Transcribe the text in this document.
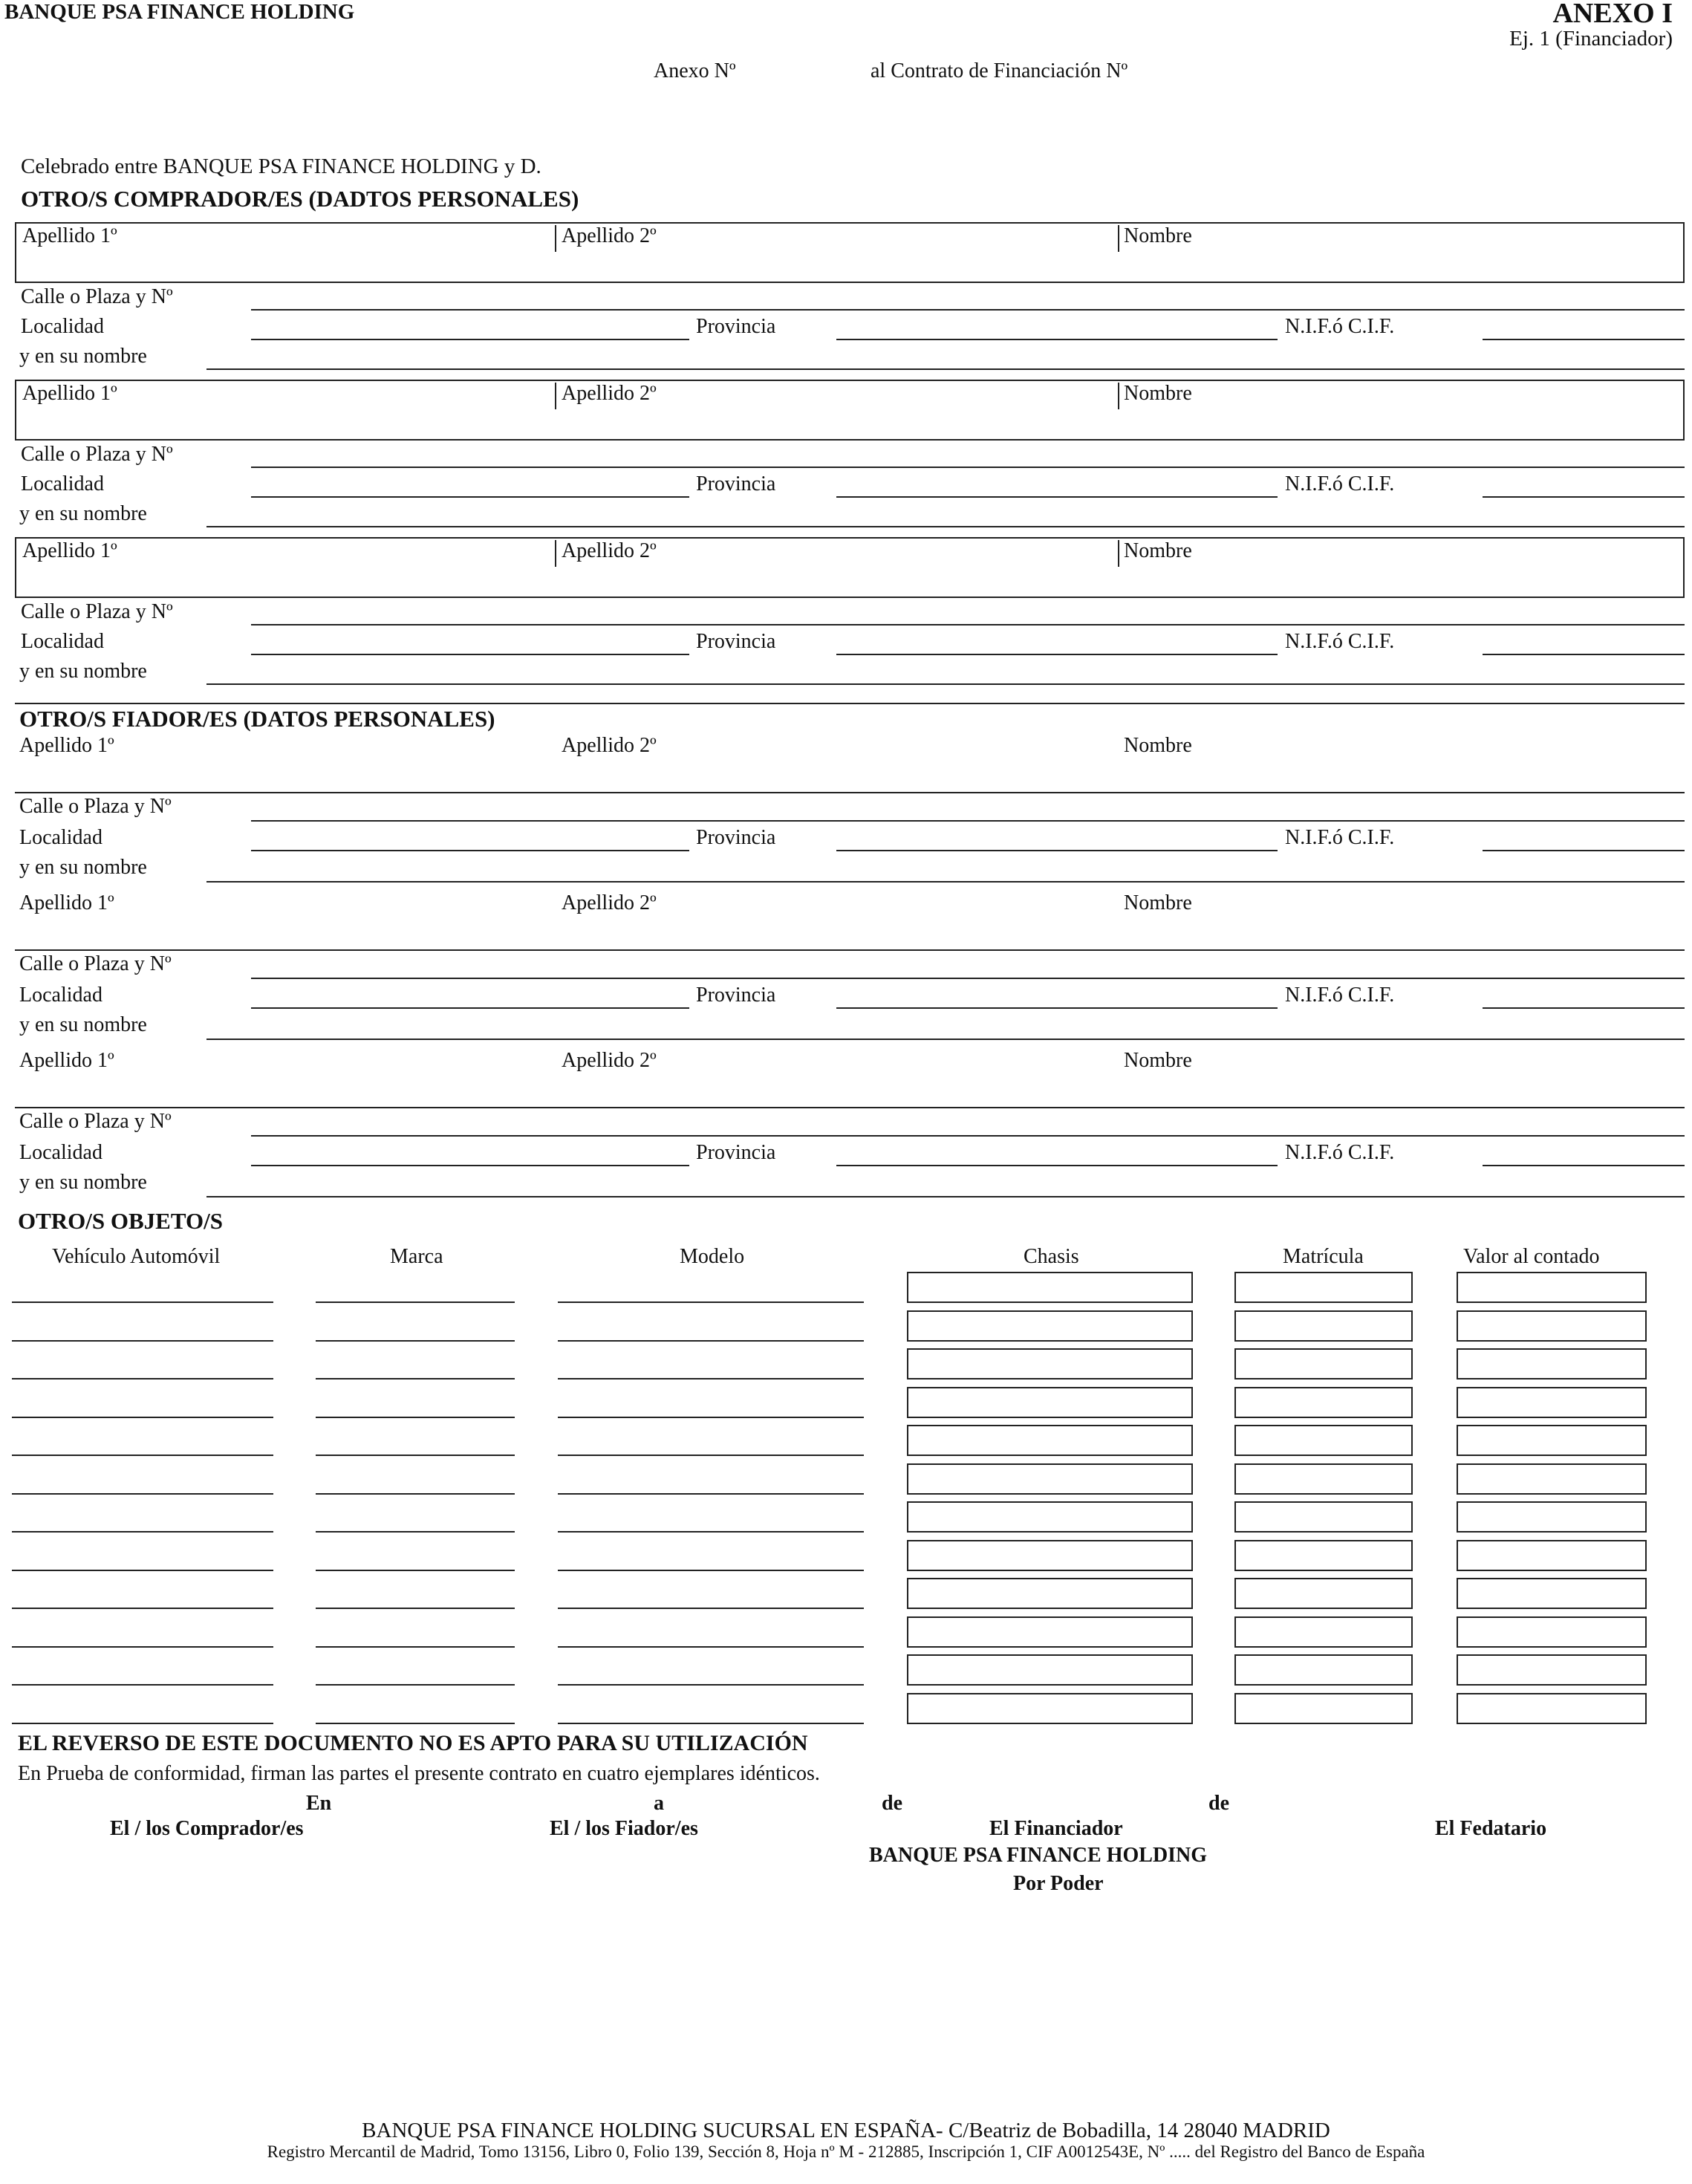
BANQUE PSA FINANCE HOLDING	ANEXO I
Ej. 1 (Financiador)
Anexo Nº	al Contrato de Financiación Nº
Celebrado entre BANQUE PSA FINANCE HOLDING y D.
OTRO/S COMPRADOR/ES (DADTOS PERSONALES)
Apellido 1º	Apellido 2º	Nombre
Calle o Plaza y Nº
Localidad	Provincia	N.I.F.ó C.I.F.
y en su nombre
Apellido 1º	Apellido 2º	Nombre
Calle o Plaza y Nº
Localidad	Provincia	N.I.F.ó C.I.F.
y en su nombre
Apellido 1º	Apellido 2º	Nombre
Calle o Plaza y Nº
Localidad	Provincia	N.I.F.ó C.I.F.
y en su nombre
OTRO/S FIADOR/ES (DATOS PERSONALES)
Apellido 1º	Apellido 2º	Nombre
Calle o Plaza y Nº
Localidad	Provincia	N.I.F.ó C.I.F.
y en su nombre
Apellido 1º	Apellido 2º	Nombre
Calle o Plaza y Nº
Localidad	Provincia	N.I.F.ó C.I.F.
y en su nombre
Apellido 1º	Apellido 2º	Nombre
Calle o Plaza y Nº
Localidad	Provincia	N.I.F.ó C.I.F.
y en su nombre
OTRO/S OBJETO/S
Vehículo Automóvil	Marca	Modelo	Chasis	Matrícula	Valor al contado
EL REVERSO DE ESTE DOCUMENTO NO ES APTO PARA SU UTILIZACIÓN
En Prueba de conformidad, firman las partes el presente contrato en cuatro ejemplares idénticos.
En	a	de	de
El / los Comprador/es	El / los Fiador/es	El Financiador	El Fedatario
BANQUE PSA FINANCE HOLDING
Por Poder
BANQUE PSA FINANCE HOLDING SUCURSAL EN ESPAÑA- C/Beatriz de Bobadilla, 14 28040 MADRID
Registro Mercantil de Madrid, Tomo 13156, Libro 0, Folio 139, Sección 8, Hoja nº M - 212885, Inscripción 1, CIF A0012543E, Nº ..... del Registro del Banco de España
